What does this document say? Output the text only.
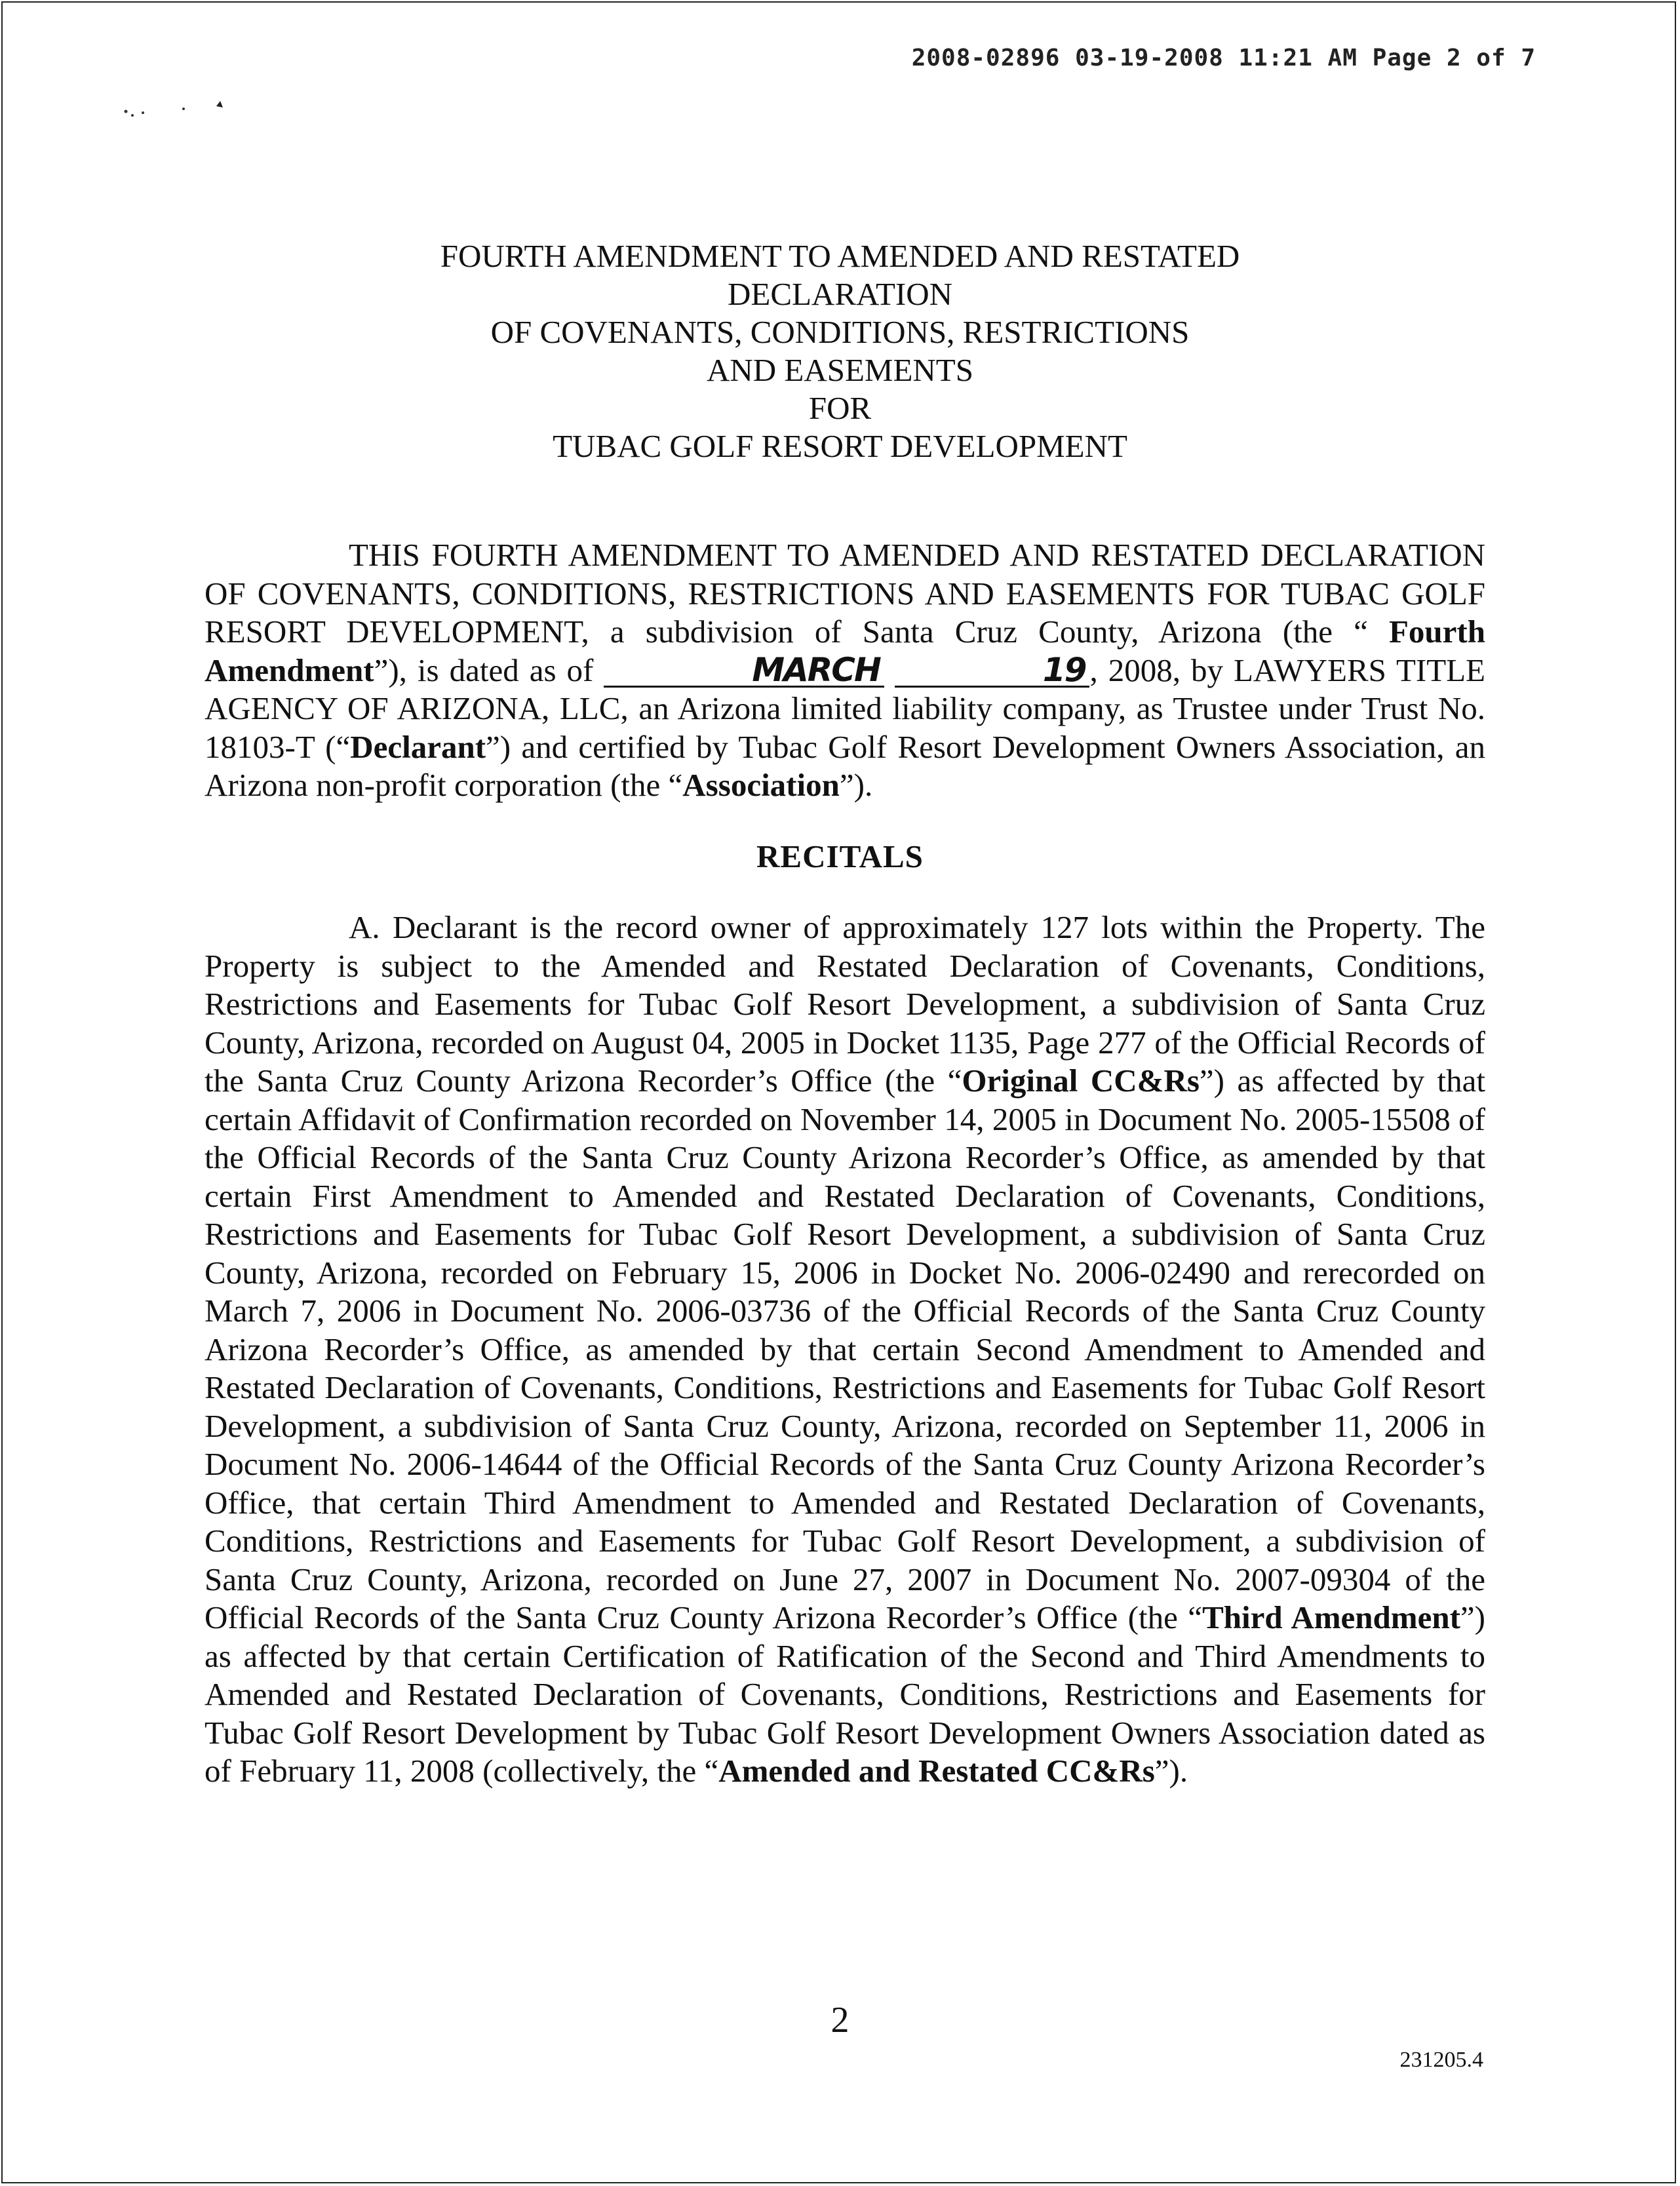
2008-02896 03-19-2008 11:21 AM Page 2 of 7
FOURTH AMENDMENT TO AMENDED AND RESTATED
DECLARATION
OF COVENANTS, CONDITIONS, RESTRICTIONS
AND EASEMENTS
FOR
TUBAC GOLF RESORT DEVELOPMENT
THIS FOURTH AMENDMENT TO AMENDED AND RESTATED DECLARATION OF COVENANTS, CONDITIONS, RESTRICTIONS AND EASEMENTS FOR TUBAC GOLF RESORT DEVELOPMENT, a subdivision of Santa Cruz County, Arizona (the “ Fourth Amendment”), is dated as of	MARCH	19 , 2008, by LAWYERS TITLE AGENCY OF ARIZONA, LLC, an Arizona limited liability company, as Trustee under Trust No. 18103-T (“Declarant”) and certified by Tubac Golf Resort Development Owners Association, an Arizona non-profit corporation (the “Association”).
RECITALS
A. Declarant is the record owner of approximately 127 lots within the Property. The Property is subject to the Amended and Restated Declaration of Covenants, Conditions, Restrictions and Easements for Tubac Golf Resort Development, a subdivision of Santa Cruz County, Arizona, recorded on August 04, 2005 in Docket 1135, Page 277 of the Official Records of the Santa Cruz County Arizona Recorder’s Office (the “Original CC&Rs”) as affected by that certain Affidavit of Confirmation recorded on November 14, 2005 in Document No. 2005-15508 of the Official Records of the Santa Cruz County Arizona Recorder’s Office, as amended by that certain First Amendment to Amended and Restated Declaration of Covenants, Conditions, Restrictions and Easements for Tubac Golf Resort Development, a subdivision of Santa Cruz County, Arizona, recorded on February 15, 2006 in Docket No. 2006-02490 and rerecorded on March 7, 2006 in Document No. 2006-03736 of the Official Records of the Santa Cruz County Arizona Recorder’s Office, as amended by that certain Second Amendment to Amended and Restated Declaration of Covenants, Conditions, Restrictions and Easements for Tubac Golf Resort Development, a subdivision of Santa Cruz County, Arizona, recorded on September 11, 2006 in Document No. 2006-14644 of the Official Records of the Santa Cruz County Arizona Recorder’s Office, that certain Third Amendment to Amended and Restated Declaration of Covenants, Conditions, Restrictions and Easements for Tubac Golf Resort Development, a subdivision of Santa Cruz County, Arizona, recorded on June 27, 2007 in Document No. 2007-09304 of the Official Records of the Santa Cruz County Arizona Recorder’s Office (the “Third Amendment”) as affected by that certain Certification of Ratification of the Second and Third Amendments to Amended and Restated Declaration of Covenants, Conditions, Restrictions and Easements for Tubac Golf Resort Development by Tubac Golf Resort Development Owners Association dated as of February 11, 2008 (collectively, the “Amended and Restated CC&Rs”).
2
231205.4
